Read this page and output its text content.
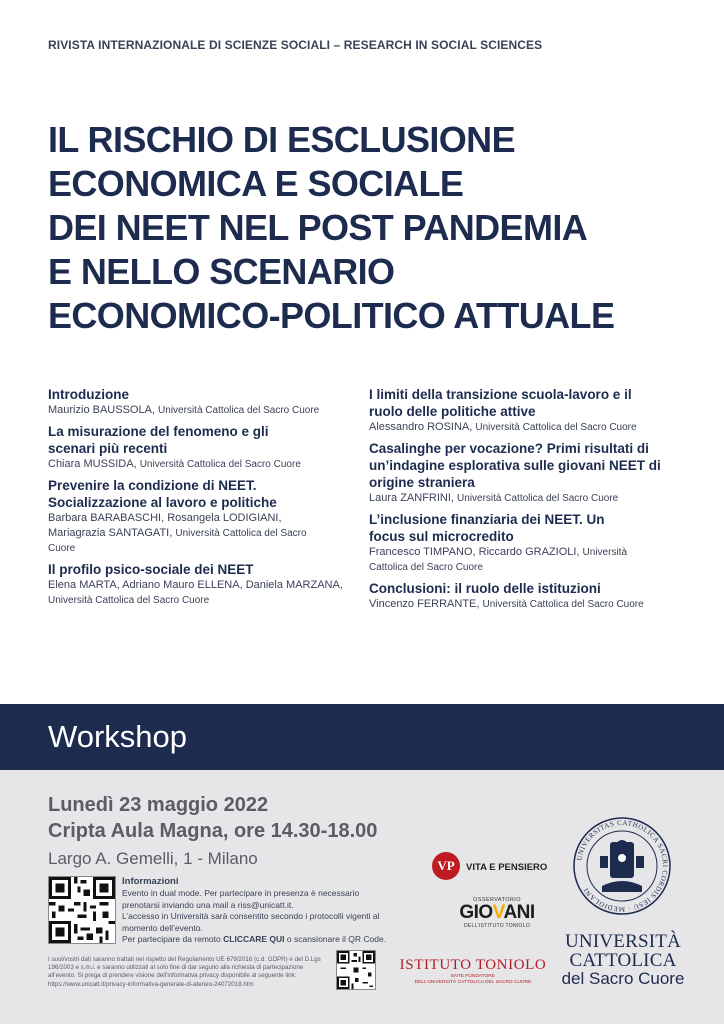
RIVISTA INTERNAZIONALE DI SCIENZE SOCIALI – RESEARCH IN SOCIAL SCIENCES
IL RISCHIO DI ESCLUSIONE
ECONOMICA E SOCIALE
DEI NEET NEL POST PANDEMIA
E NELLO SCENARIO
ECONOMICO-POLITICO ATTUALE
Introduzione
Maurizio BAUSSOLA, Università Cattolica del Sacro Cuore
La misurazione del fenomeno e gli scenari più recenti
Chiara MUSSIDA, Università Cattolica del Sacro Cuore
Prevenire la condizione di NEET. Socializzazione al lavoro e politiche
Barbara BARABASCHI, Rosangela LODIGIANI, Mariagrazia SANTAGATI, Università Cattolica del Sacro Cuore
Il profilo psico-sociale dei NEET
Elena MARTA, Adriano Mauro ELLENA, Daniela MARZANA, Università Cattolica del Sacro Cuore
I limiti della transizione scuola-lavoro e il ruolo delle politiche attive
Alessandro ROSINA, Università Cattolica del Sacro Cuore
Casalinghe per vocazione? Primi risultati di un’indagine esplorativa sulle giovani NEET di origine straniera
Laura ZANFRINI, Università Cattolica del Sacro Cuore
L’inclusione finanziaria dei NEET. Un focus sul microcredito
Francesco TIMPANO, Riccardo GRAZIOLI, Università Cattolica del Sacro Cuore
Conclusioni: il ruolo delle istituzioni
Vincenzo FERRANTE, Università Cattolica del Sacro Cuore
Workshop
Lunedì 23 maggio 2022
Cripta Aula Magna, ore 14.30-18.00
Largo A. Gemelli, 1 - Milano
Informazioni
Evento in dual mode. Per partecipare in presenza è necessario prenotarsi inviando una mail a riss@unicatt.it.
L’accesso in Università sarà consentito secondo i protocolli vigenti al momento dell’evento.
Per partecipare da remoto CLICCARE QUI o scansionare il QR Code.
I suoi/vostri dati saranno trattati nel rispetto del Regolamento UE 679/2016 (c.d. GDPR) e del D.Lgs 196/2003 e s.m.i. e saranno utilizzati al solo fine di dar seguito alla richiesta di partecipazione all’evento. Si prega di prendere visione dell’informativa privacy disponibile al seguente link: https://www.unicatt.it/privacy-informativa-generale-di-ateneo-24072018.htm
VP	VITA E PENSIERO
OSSERVATORIO
GIOVANI
DELL’ISTITUTO TONIOLO
ISTITUTO TONIOLO
ENTE FONDATORE
DELL’UNIVERSITÀ CATTOLICA DEL SACRO CUORE
UNIVERSITAS CATHOLICA SACRI CORDIS IESU · MEDIOLANI
UNIVERSITÀ
CATTOLICA
del Sacro Cuore
